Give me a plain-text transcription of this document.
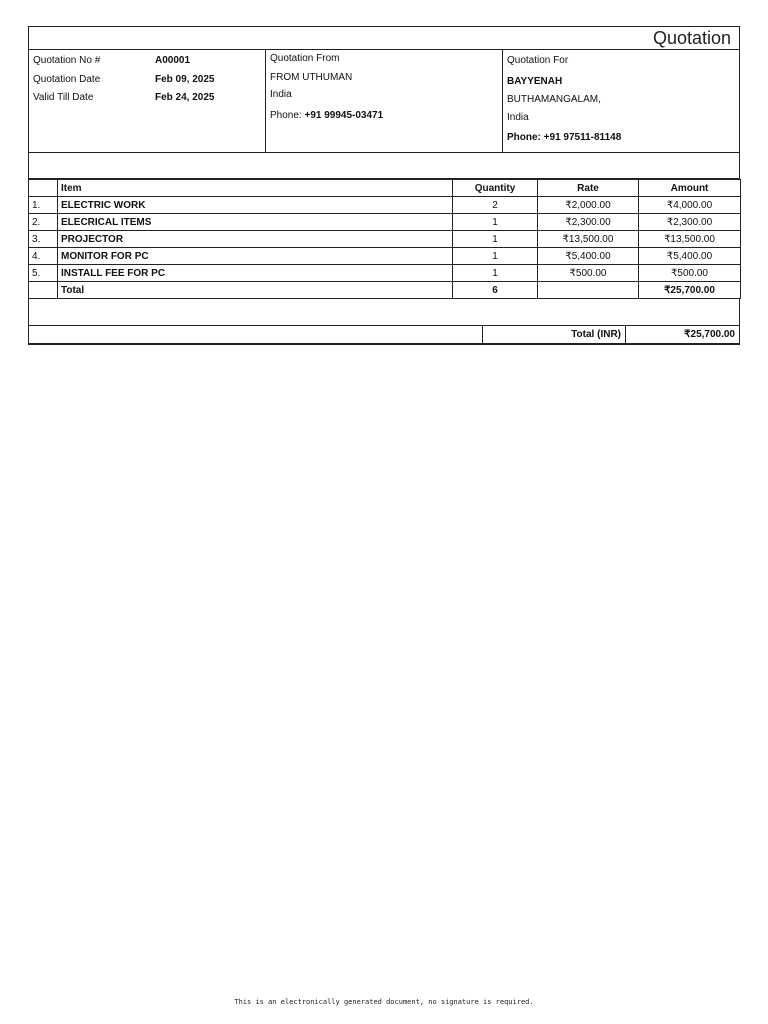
Quotation
Quotation No #	A00001
Quotation Date	Feb 09, 2025
Valid Till Date	Feb 24, 2025
Quotation From
FROM UTHUMAN
India
Phone: +91 99945-03471
Quotation For
BAYYENAH
BUTHAMANGALAM,
India
Phone: +91 97511-81148
	Item	Quantity	Rate	Amount
1.	ELECTRIC WORK	2	₹2,000.00	₹4,000.00
2.	ELECRICAL ITEMS	1	₹2,300.00	₹2,300.00
3.	PROJECTOR	1	₹13,500.00	₹13,500.00
4.	MONITOR FOR PC	1	₹5,400.00	₹5,400.00
5.	INSTALL FEE FOR PC	1	₹500.00	₹500.00
	Total	6		₹25,700.00
Total (INR)	₹25,700.00
This is an electronically generated document, no signature is required.
